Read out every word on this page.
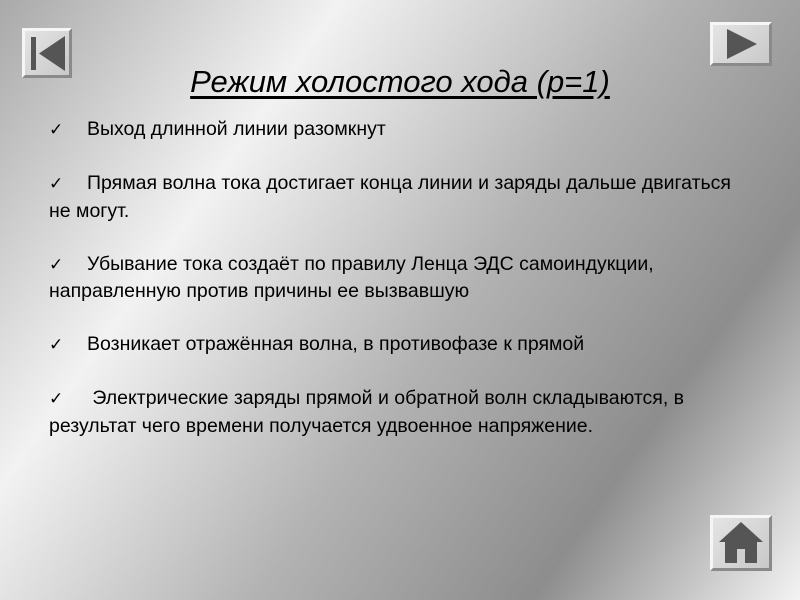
Режим холостого хода (p=1)
✓ Выход длинной линии разомкнут
✓ Прямая волна тока достигает конца линии и заряды дальше двигаться не могут.
✓ Убывание тока создаёт по правилу Ленца ЭДС самоиндукции, направленную против причины ее вызвавшую
✓ Возникает отражённая волна, в противофазе к прямой
✓ Электрические заряды прямой и обратной волн складываются, в результат чего времени получается удвоенное напряжение.
